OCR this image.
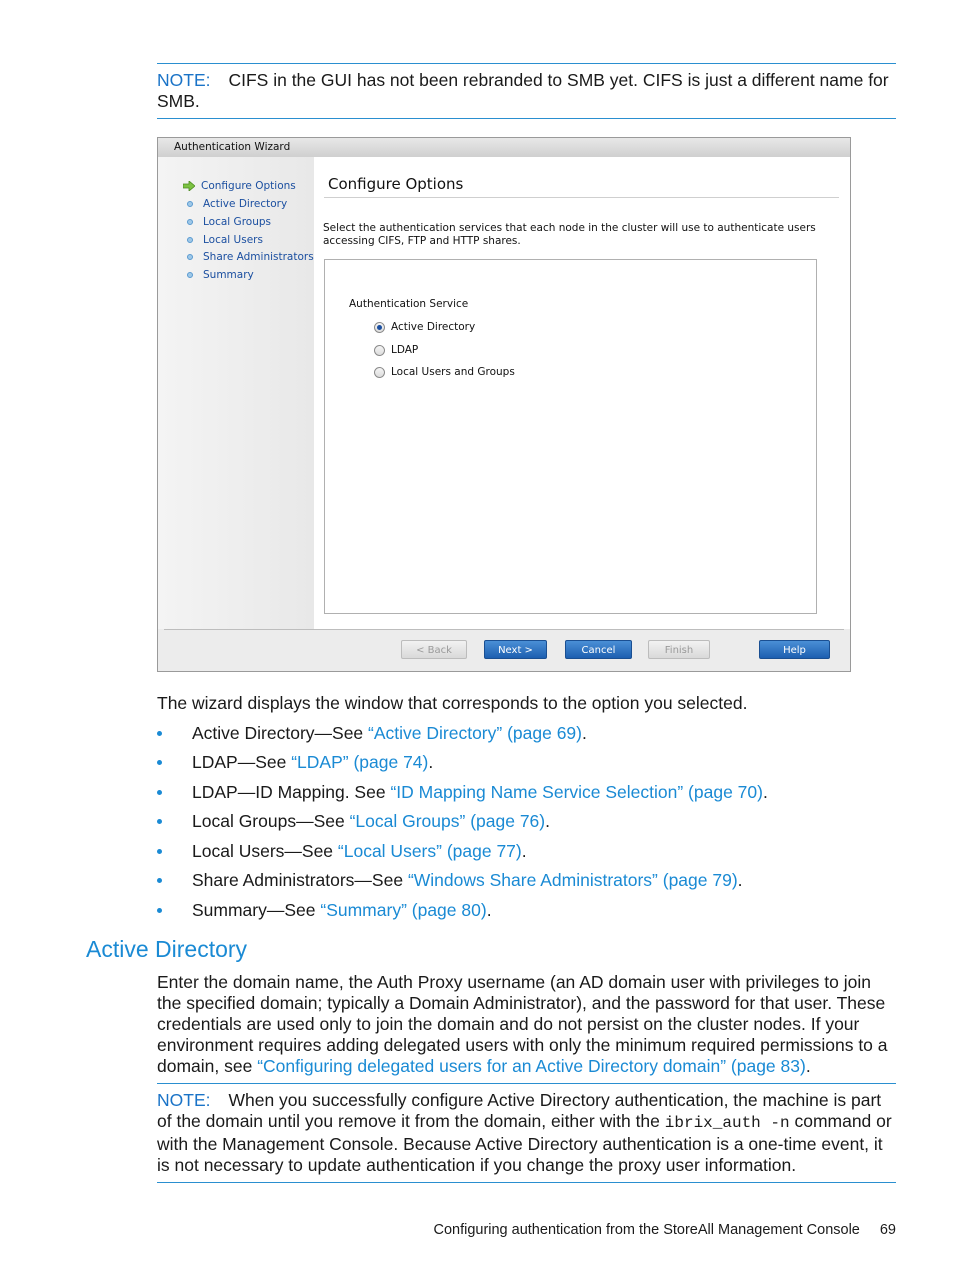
NOTE: CIFS in the GUI has not been rebranded to SMB yet. CIFS is just a different name for SMB.
Authentication Wizard
Configure Options
Active Directory
Local Groups
Local Users
Share Administrators
Summary
Configure Options
Select the authentication services that each node in the cluster will use to authenticate users accessing CIFS, FTP and HTTP shares.
Authentication Service
Active Directory
LDAP
Local Users and Groups
< Back	Next >	Cancel	Finish	Help

The wizard displays the window that corresponds to the option you selected.

Active Directory—See “Active Directory” (page 69).
LDAP—See “LDAP” (page 74).
LDAP—ID Mapping. See “ID Mapping Name Service Selection” (page 70).
Local Groups—See “Local Groups” (page 76).
Local Users—See “Local Users” (page 77).
Share Administrators—See “Windows Share Administrators” (page 79).
Summary—See “Summary” (page 80).
Active Directory

Enter the domain name, the Auth Proxy username (an AD domain user with privileges to join the specified domain; typically a Domain Administrator), and the password for that user. These credentials are used only to join the domain and do not persist on the cluster nodes. If your environment requires adding delegated users with only the minimum required permissions to a domain, see “Configuring delegated users for an Active Directory domain” (page 83).

NOTE: When you successfully configure Active Directory authentication, the machine is part of the domain until you remove it from the domain, either with the ibrix_auth -n command or with the Management Console. Because Active Directory authentication is a one-time event, it is not necessary to update authentication if you change the proxy user information.
Configuring authentication from the StoreAll Management Console 69
